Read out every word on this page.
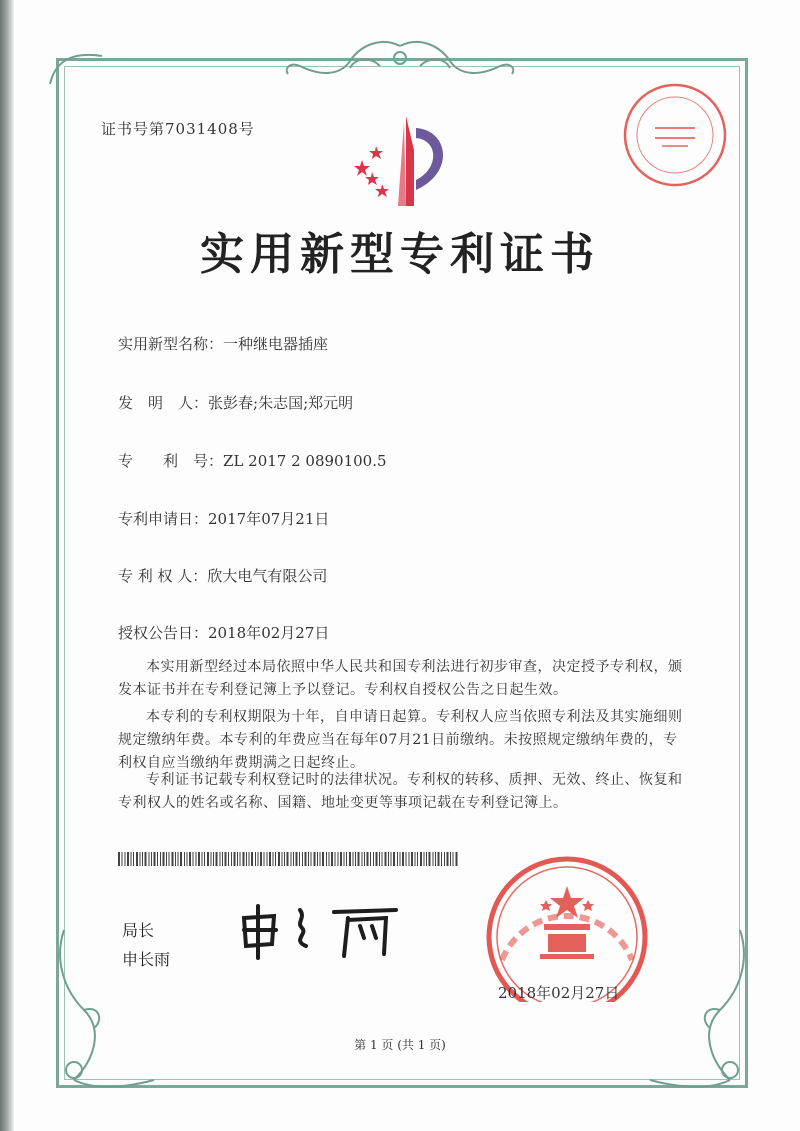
证书号第7031408号
实用新型专利证书
实用新型名称：一种继电器插座
发　明　人：张彭春;朱志国;郑元明
专　　利　号：ZL 2017 2 0890100.5
专利申请日：2017年07月21日
专 利 权 人：欣大电气有限公司
授权公告日：2018年02月27日
本实用新型经过本局依照中华人民共和国专利法进行初步审查，决定授予专利权，颁发本证书并在专利登记簿上予以登记。专利权自授权公告之日起生效。
本专利的专利权期限为十年，自申请日起算。专利权人应当依照专利法及其实施细则规定缴纳年费。本专利的年费应当在每年07月21日前缴纳。未按照规定缴纳年费的，专利权自应当缴纳年费期满之日起终止。
专利证书记载专利权登记时的法律状况。专利权的转移、质押、无效、终止、恢复和专利权人的姓名或名称、国籍、地址变更等事项记载在专利登记簿上。
局长
申长雨
2018年02月27日
第 1 页 (共 1 页)
